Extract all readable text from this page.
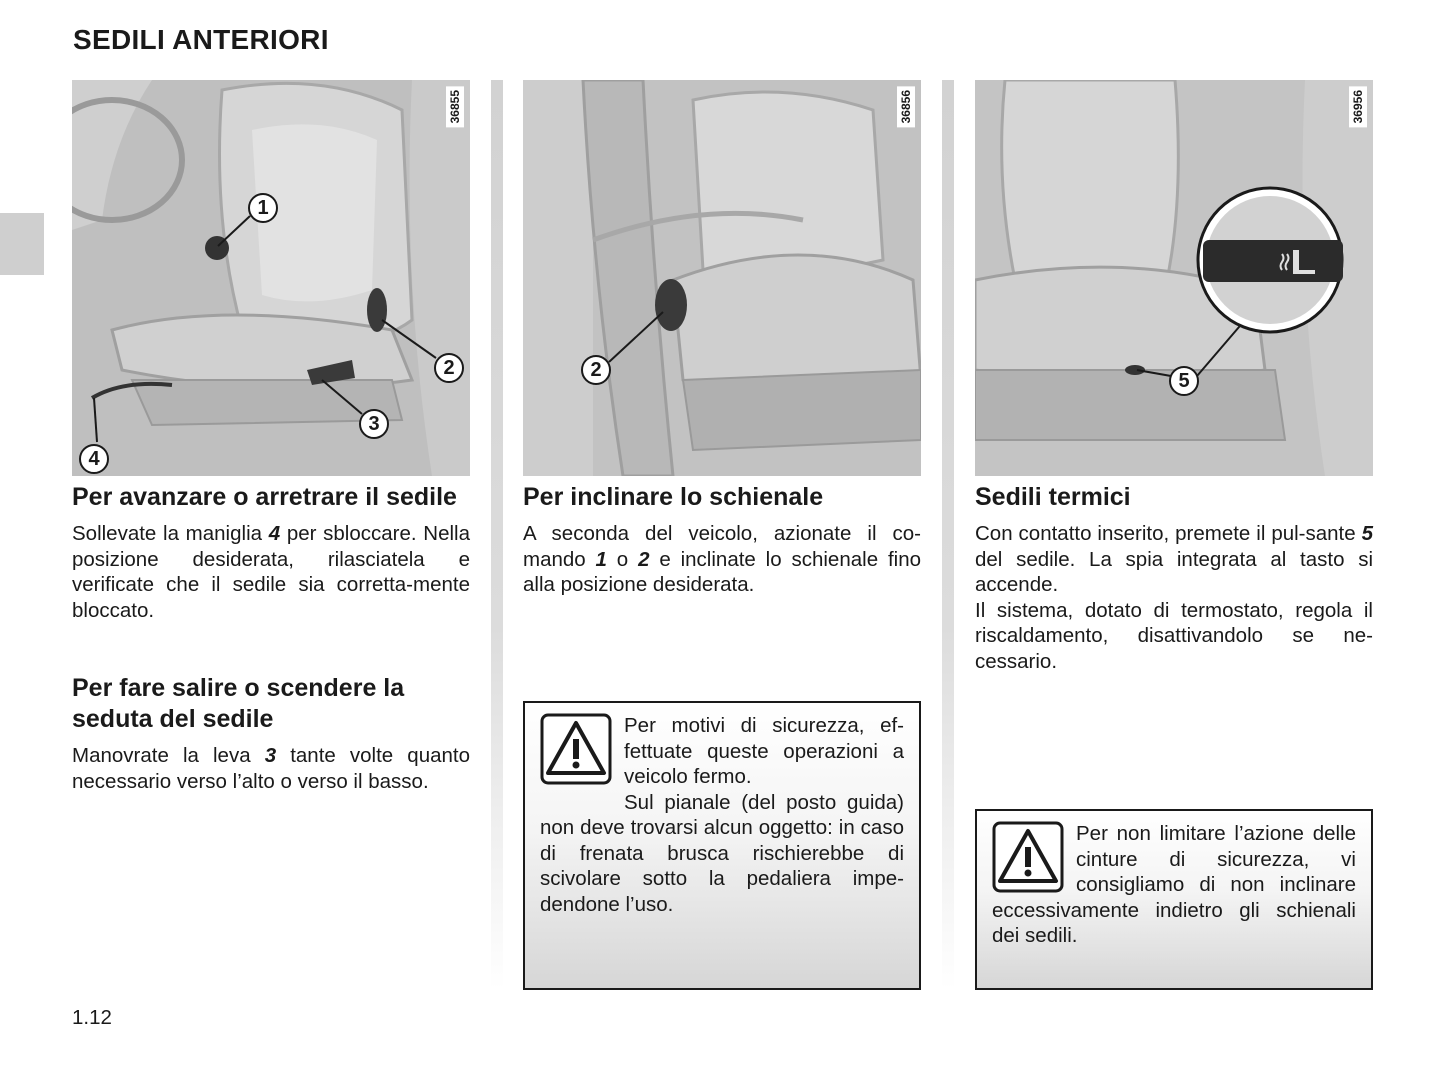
SEDILI ANTERIORI
36855
1
2
3
4
Per avanzare o arretrare il sedile

Sollevate la maniglia 4 per sbloccare. Nella posizione desiderata, rilasciatela e verificate che il sedile sia corretta-mente bloccato.

Per fare salire o scendere la seduta del sedile

Manovrate la leva 3 tante volte quanto necessario verso l’alto o verso il basso.

36856
2
Per inclinare lo schienale

A seconda del veicolo, azionate il co-mando 1 o 2 e inclinate lo schienale fino alla posizione desiderata.

Per motivi di sicurezza, ef-fettuate queste operazioni a veicolo fermo.

Sul pianale (del posto guida) non deve trovarsi alcun oggetto: in caso di frenata brusca rischierebbe di scivolare sotto la pedaliera impe-dendone l’uso.

36956
5
Sedili termici

Con contatto inserito, premete il pul-sante 5 del sedile. La spia integrata al tasto si accende.

Il sistema, dotato di termostato, regola il riscaldamento, disattivandolo se ne-cessario.

Per non limitare l’azione delle cinture di sicurezza, vi consigliamo di non inclinare eccessivamente indietro gli schienali dei sedili.

1.12
